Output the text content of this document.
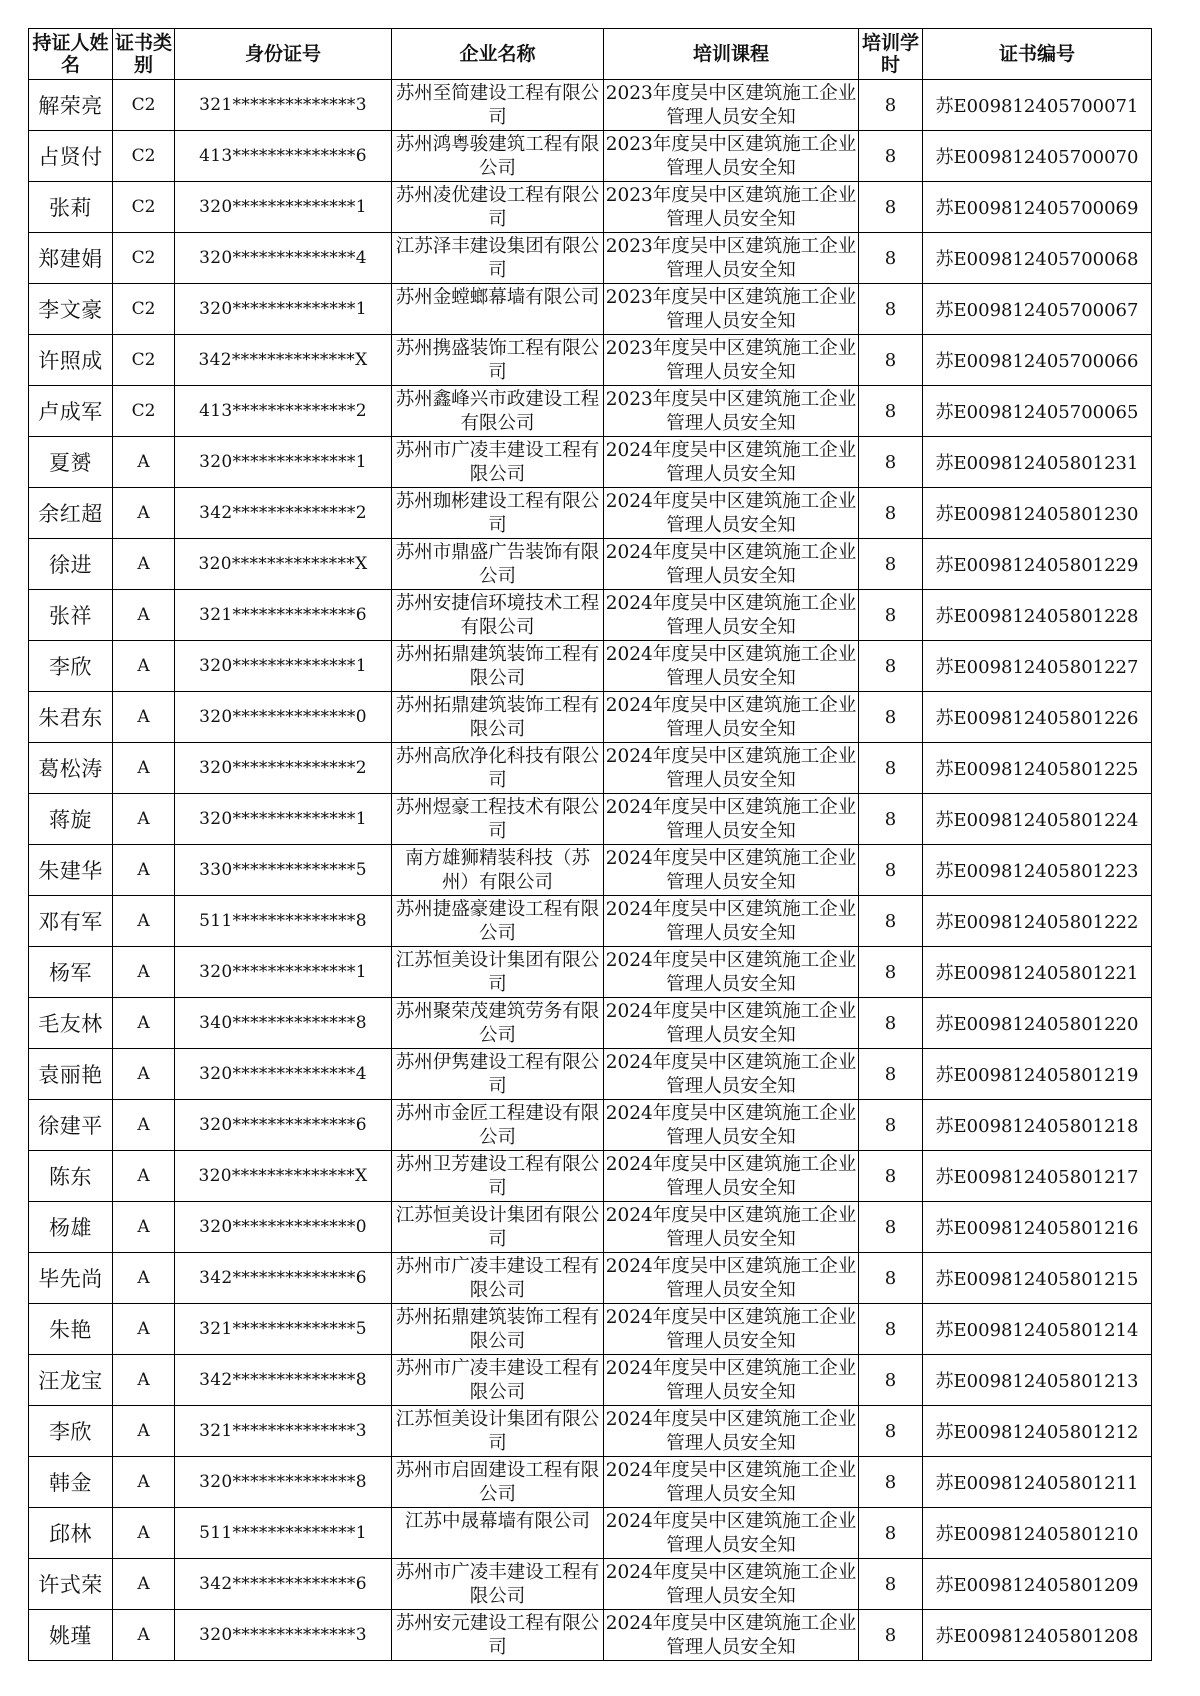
持证人姓名	证书类别	身份证号	企业名称	培训课程	培训学时	证书编号
解荣亮	C2	321**************3	苏州至简建设工程有限公司	2023年度吴中区建筑施工企业管理人员安全知	8	苏E009812405700071
占贤付	C2	413**************6	苏州鸿粤骏建筑工程有限公司	2023年度吴中区建筑施工企业管理人员安全知	8	苏E009812405700070
张莉	C2	320**************1	苏州凌优建设工程有限公司	2023年度吴中区建筑施工企业管理人员安全知	8	苏E009812405700069
郑建娟	C2	320**************4	江苏泽丰建设集团有限公司	2023年度吴中区建筑施工企业管理人员安全知	8	苏E009812405700068
李文豪	C2	320**************1	苏州金螳螂幕墙有限公司	2023年度吴中区建筑施工企业管理人员安全知	8	苏E009812405700067
许照成	C2	342**************X	苏州携盛装饰工程有限公司	2023年度吴中区建筑施工企业管理人员安全知	8	苏E009812405700066
卢成军	C2	413**************2	苏州鑫峰兴市政建设工程有限公司	2023年度吴中区建筑施工企业管理人员安全知	8	苏E009812405700065
夏赟	A	320**************1	苏州市广凌丰建设工程有限公司	2024年度吴中区建筑施工企业管理人员安全知	8	苏E009812405801231
余红超	A	342**************2	苏州珈彬建设工程有限公司	2024年度吴中区建筑施工企业管理人员安全知	8	苏E009812405801230
徐进	A	320**************X	苏州市鼎盛广告装饰有限公司	2024年度吴中区建筑施工企业管理人员安全知	8	苏E009812405801229
张祥	A	321**************6	苏州安捷信环境技术工程有限公司	2024年度吴中区建筑施工企业管理人员安全知	8	苏E009812405801228
李欣	A	320**************1	苏州拓鼎建筑装饰工程有限公司	2024年度吴中区建筑施工企业管理人员安全知	8	苏E009812405801227
朱君东	A	320**************0	苏州拓鼎建筑装饰工程有限公司	2024年度吴中区建筑施工企业管理人员安全知	8	苏E009812405801226
葛松涛	A	320**************2	苏州高欣净化科技有限公司	2024年度吴中区建筑施工企业管理人员安全知	8	苏E009812405801225
蒋旋	A	320**************1	苏州煜豪工程技术有限公司	2024年度吴中区建筑施工企业管理人员安全知	8	苏E009812405801224
朱建华	A	330**************5	南方雄狮精装科技（苏州）有限公司	2024年度吴中区建筑施工企业管理人员安全知	8	苏E009812405801223
邓有军	A	511**************8	苏州捷盛豪建设工程有限公司	2024年度吴中区建筑施工企业管理人员安全知	8	苏E009812405801222
杨军	A	320**************1	江苏恒美设计集团有限公司	2024年度吴中区建筑施工企业管理人员安全知	8	苏E009812405801221
毛友林	A	340**************8	苏州聚荣茂建筑劳务有限公司	2024年度吴中区建筑施工企业管理人员安全知	8	苏E009812405801220
袁丽艳	A	320**************4	苏州伊隽建设工程有限公司	2024年度吴中区建筑施工企业管理人员安全知	8	苏E009812405801219
徐建平	A	320**************6	苏州市金匠工程建设有限公司	2024年度吴中区建筑施工企业管理人员安全知	8	苏E009812405801218
陈东	A	320**************X	苏州卫芳建设工程有限公司	2024年度吴中区建筑施工企业管理人员安全知	8	苏E009812405801217
杨雄	A	320**************0	江苏恒美设计集团有限公司	2024年度吴中区建筑施工企业管理人员安全知	8	苏E009812405801216
毕先尚	A	342**************6	苏州市广凌丰建设工程有限公司	2024年度吴中区建筑施工企业管理人员安全知	8	苏E009812405801215
朱艳	A	321**************5	苏州拓鼎建筑装饰工程有限公司	2024年度吴中区建筑施工企业管理人员安全知	8	苏E009812405801214
汪龙宝	A	342**************8	苏州市广凌丰建设工程有限公司	2024年度吴中区建筑施工企业管理人员安全知	8	苏E009812405801213
李欣	A	321**************3	江苏恒美设计集团有限公司	2024年度吴中区建筑施工企业管理人员安全知	8	苏E009812405801212
韩金	A	320**************8	苏州市启固建设工程有限公司	2024年度吴中区建筑施工企业管理人员安全知	8	苏E009812405801211
邱林	A	511**************1	江苏中晟幕墙有限公司	2024年度吴中区建筑施工企业管理人员安全知	8	苏E009812405801210
许式荣	A	342**************6	苏州市广凌丰建设工程有限公司	2024年度吴中区建筑施工企业管理人员安全知	8	苏E009812405801209
姚瑾	A	320**************3	苏州安元建设工程有限公司	2024年度吴中区建筑施工企业管理人员安全知	8	苏E009812405801208
